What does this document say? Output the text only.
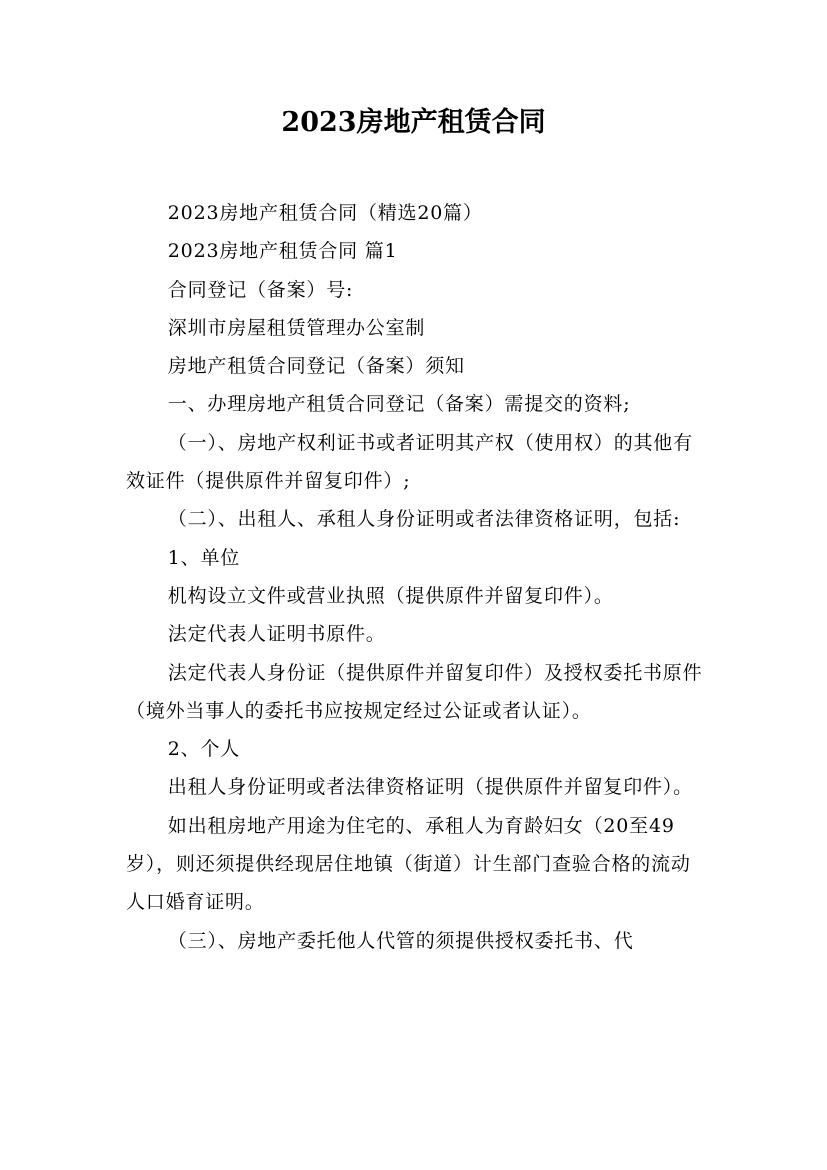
2023房地产租赁合同

2023房地产租赁合同（精选20篇）

2023房地产租赁合同 篇1

合同登记（备案）号:

深圳市房屋租赁管理办公室制

房地产租赁合同登记（备案）须知

一、办理房地产租赁合同登记（备案）需提交的资料;

（一）、房地产权利证书或者证明其产权（使用权）的其他有效证件（提供原件并留复印件）;

（二）、出租人、承租人身份证明或者法律资格证明，包括:

1、单位

机构设立文件或营业执照（提供原件并留复印件）。

法定代表人证明书原件。

法定代表人身份证（提供原件并留复印件）及授权委托书原件（境外当事人的委托书应按规定经过公证或者认证）。

2、个人

出租人身份证明或者法律资格证明（提供原件并留复印件）。

如出租房地产用途为住宅的、承租人为育龄妇女（20至49岁），则还须提供经现居住地镇（街道）计生部门查验合格的流动人口婚育证明。

（三）、房地产委托他人代管的须提供授权委托书、代
